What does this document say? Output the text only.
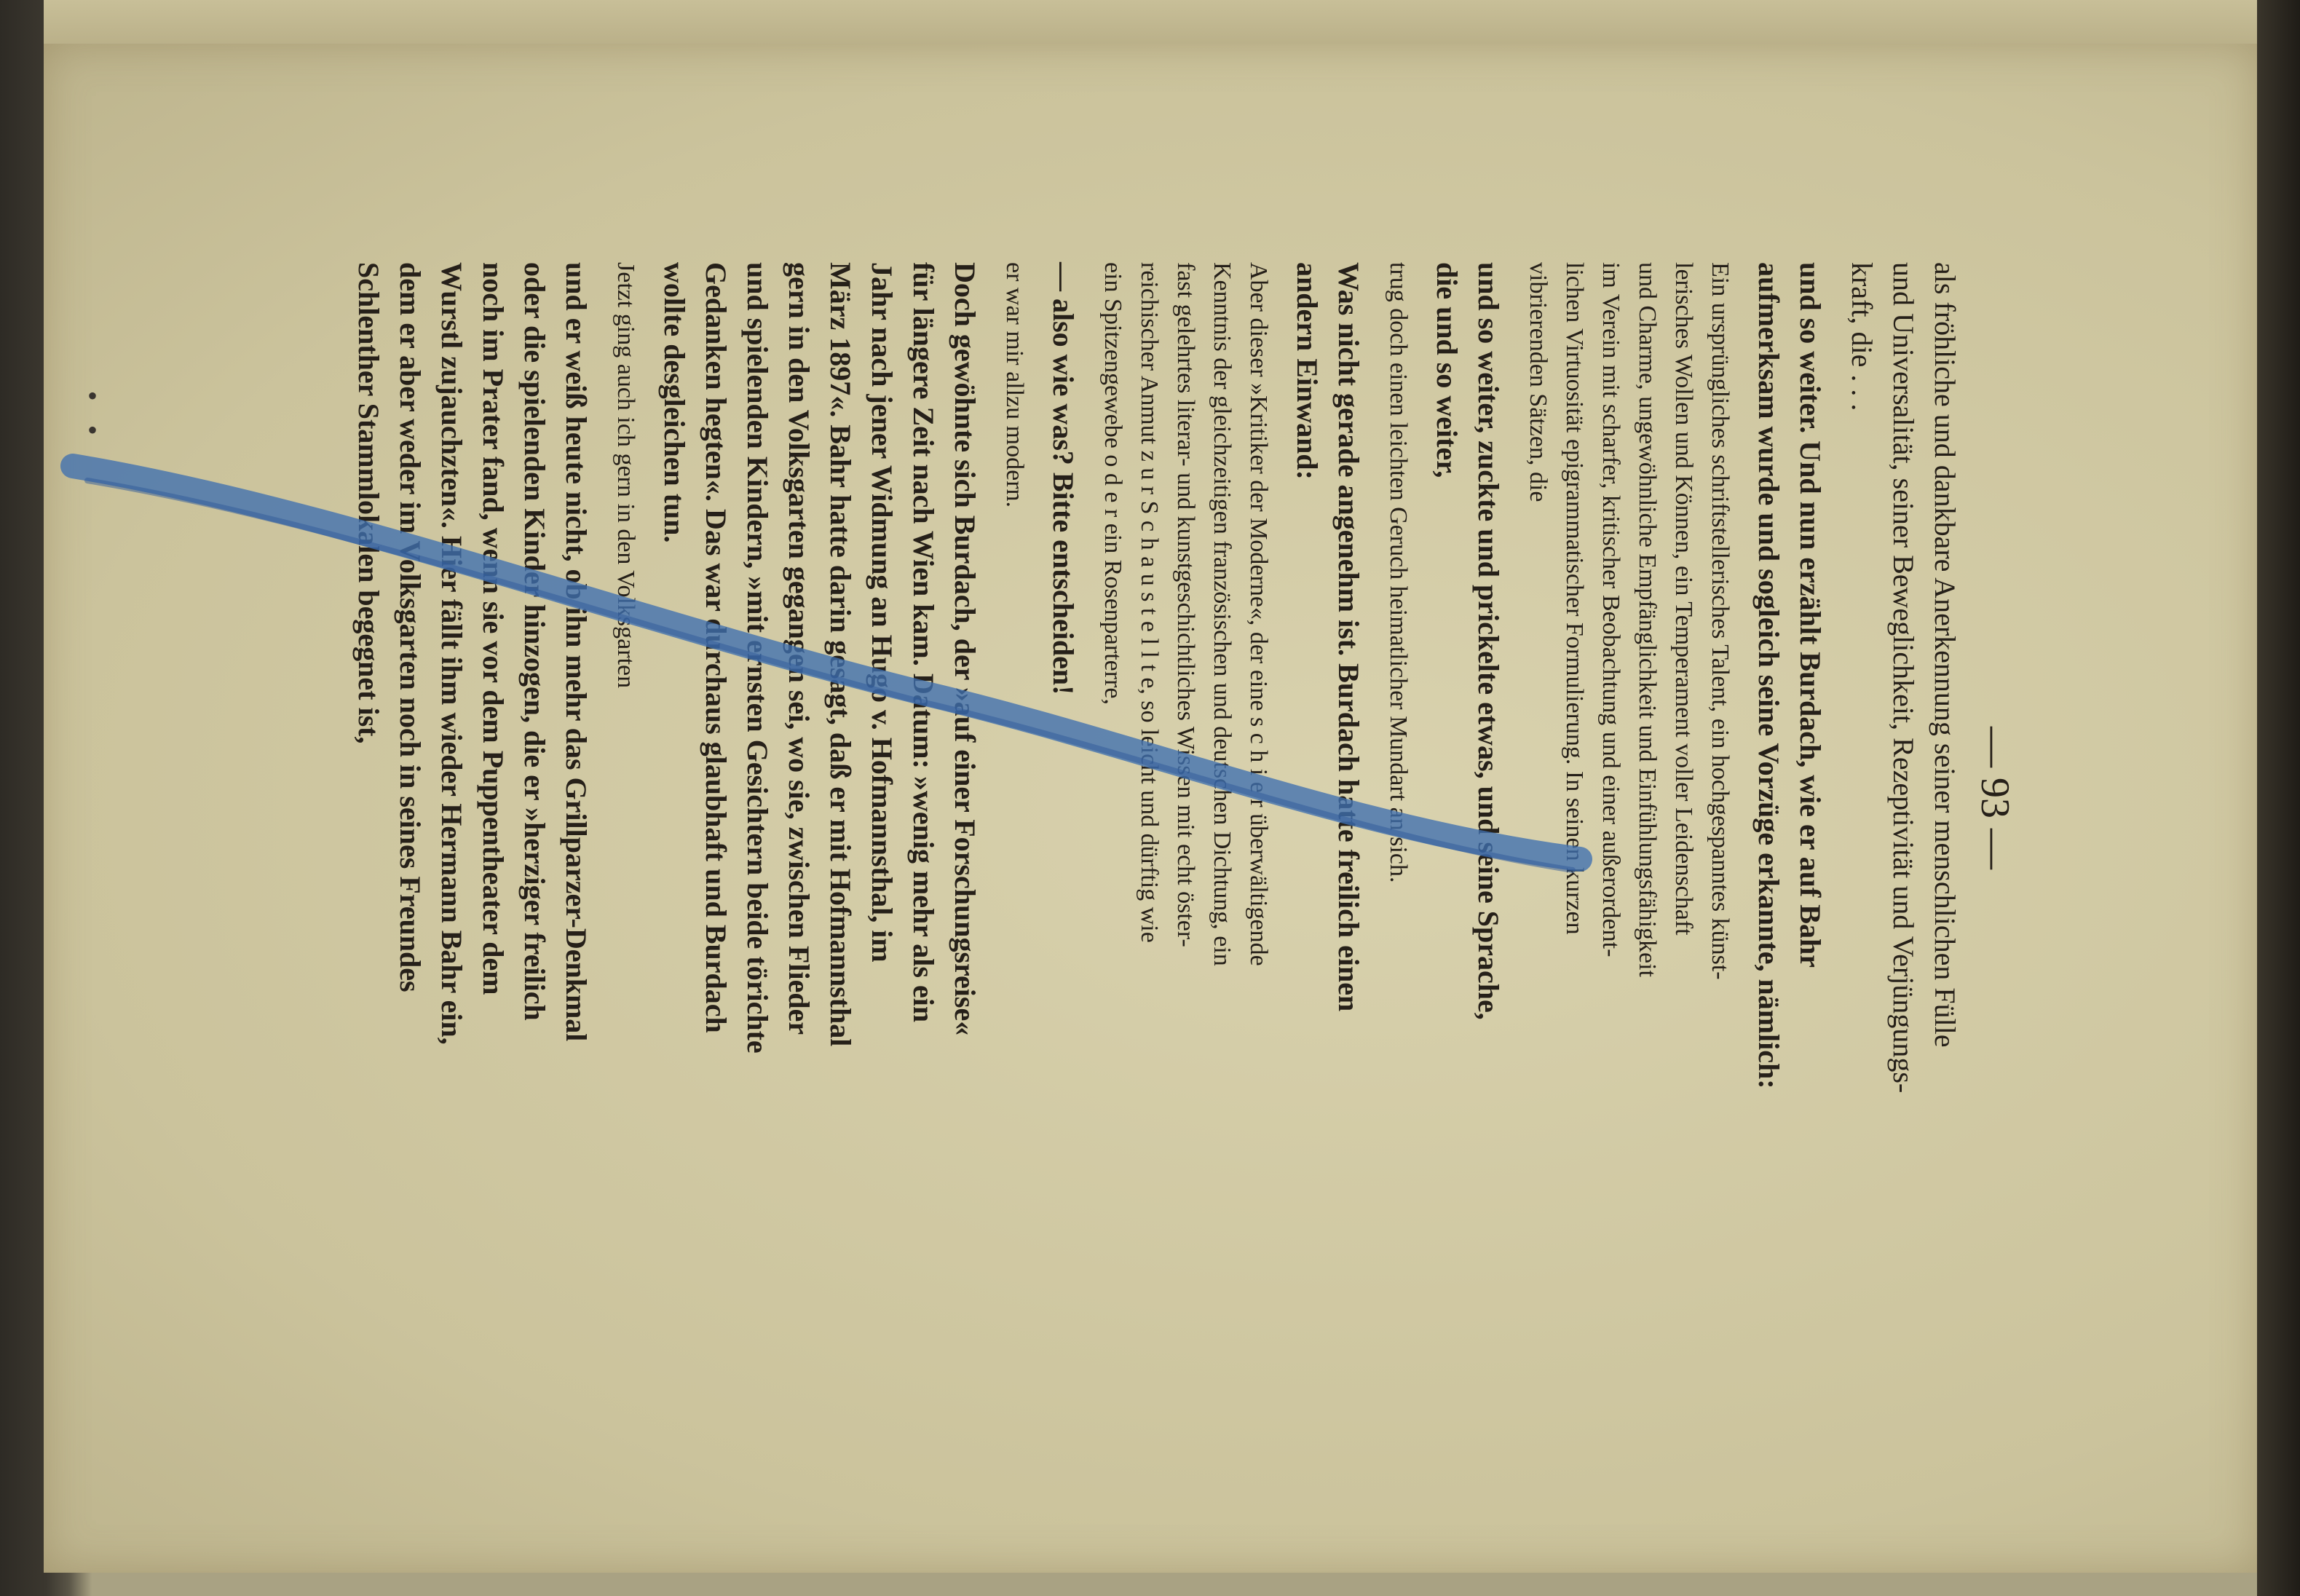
— 93 —
als fröhliche und dankbare Anerkennung seiner menschlichen Fülle
und Universalität, seiner Beweglichkeit, Rezeptivität und Verjüngungs-
kraft, die . . .
und so weiter. Und nun erzählt Burdach, wie er auf Bahr
aufmerksam wurde und sogleich seine Vorzüge erkannte, nämlich:
Ein ursprüngliches schriftstellerisches Talent, ein hochgespanntes künst-
lerisches Wollen und Können, ein Temperament voller Leidenschaft
und Charme, ungewöhnliche Empfänglichkeit und Einfühlungsfähigkeit
im Verein mit scharfer, kritischer Beobachtung und einer außerordent-
lichen Virtuosität epigrammatischer Formulierung. In seinen kurzen
vibrierenden Sätzen, die
und so weiter, zuckte und prickelte etwas, und seine Sprache,
die und so weiter,
trug doch einen leichten Geruch heimatlicher Mundart an sich.
Was nicht gerade angenehm ist. Burdach hatte freilich einen
andern Einwand:
Aber dieser »Kritiker der Moderne«, der eine s c h i e r überwältigende
Kenntnis der gleichzeitigen französischen und deutschen Dichtung, ein
fast gelehrtes literar- und kunstgeschichtliches Wissen mit echt öster-
reichischer Anmut z u r S c h a u s t e l l t e, so leicht und dürftig wie
ein Spitzengewebe o d e r ein Rosenparterre,
— also wie was? Bitte entscheiden!
er war mir allzu modern.
Doch gewöhnte sich Burdach, der »auf einer Forschungsreise«
für längere Zeit nach Wien kam. Datum: »wenig mehr als ein
Jahr nach jener Widmung an Hugo v. Hofmannsthal, im
März 1897«. Bahr hatte darin gesagt, daß er mit Hofmannsthal
gern in den Volksgarten gegangen sei, wo sie, zwischen Flieder
und spielenden Kindern, »mit ernsten Gesichtern beide törichte
Gedanken hegten«. Das war durchaus glaubhaft und Burdach
wollte desgleichen tun.
Jetzt ging auch ich gern in den Volksgarten
und er weiß heute nicht, ob ihn mehr das Grillparzer-Denkmal
oder die spielenden Kinder hinzogen, die er »herziger freilich
noch im Prater fand, wenn sie vor dem Puppentheater dem
Wurstl zujauchzten«. Hier fällt ihm wieder Hermann Bahr ein,
dem er aber weder im Volksgarten noch in seines Freundes
Schlenther Stammlokalen begegnet ist,
•
•
